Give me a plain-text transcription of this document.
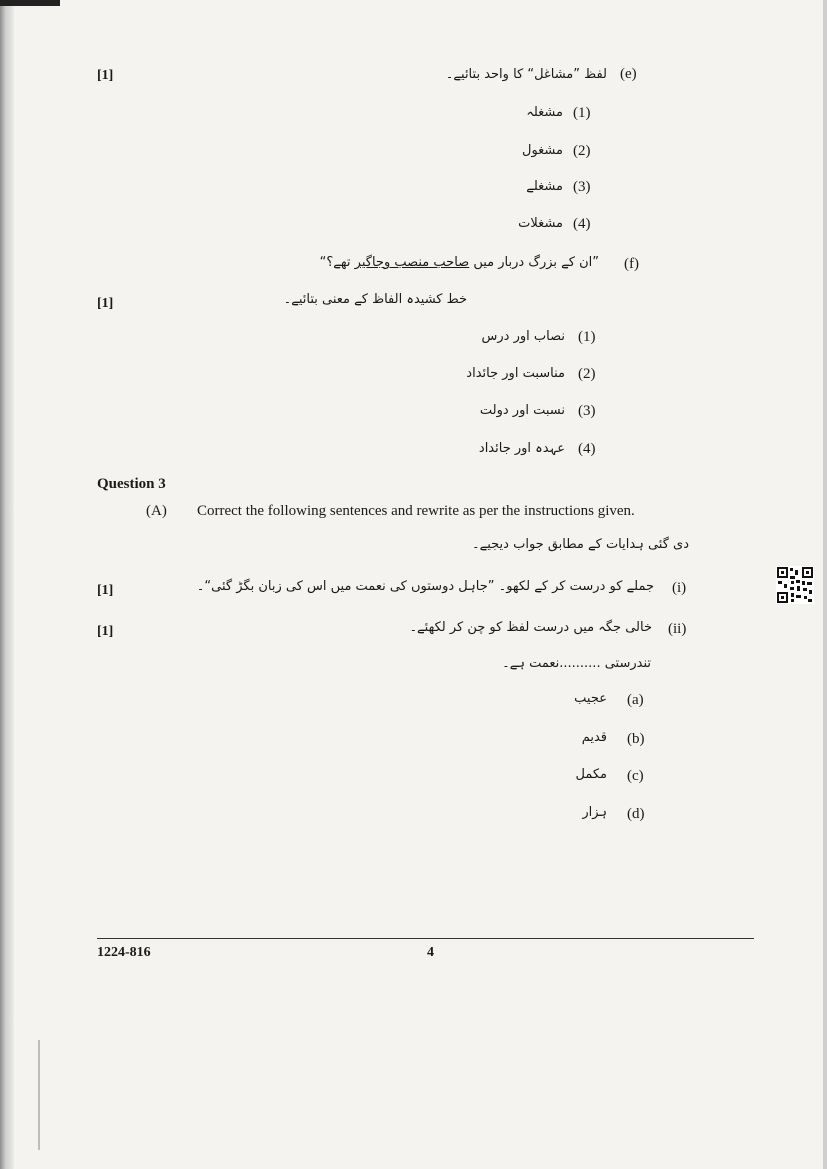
[1]	(e)
لفظ ”مشاغل“ کا واحد بتائیے۔
(1)
مشغلہ
(2)
مشغول
(3)
مشغلے
(4)
مشغلات
(f)
”ان کے بزرگ دربار میں صاحب منصب وجاگیر تھے؟“
[1]	خط کشیدہ الفاظ کے معنی بتائیے۔
(1)
نصاب اور درس
(2)
مناسبت اور جائداد
(3)
نسبت اور دولت
(4)
عہدہ اور جائداد
Question 3
(A) Correct the following sentences and rewrite as per the instructions given.
دی گئی ہدایات کے مطابق جواب دیجیے۔
[1]	(i)
جملے کو درست کر کے لکھو۔ ”جاہل دوستوں کی نعمت میں اس کی زبان بگڑ گئی“۔
[1]	(ii)
خالی جگہ میں درست لفظ کو چن کر لکھئے۔
تندرستی ..........نعمت ہے۔
(a)
عجیب
(b)
قدیم
(c)
مکمل
(d)
ہزار
1224-816	4
